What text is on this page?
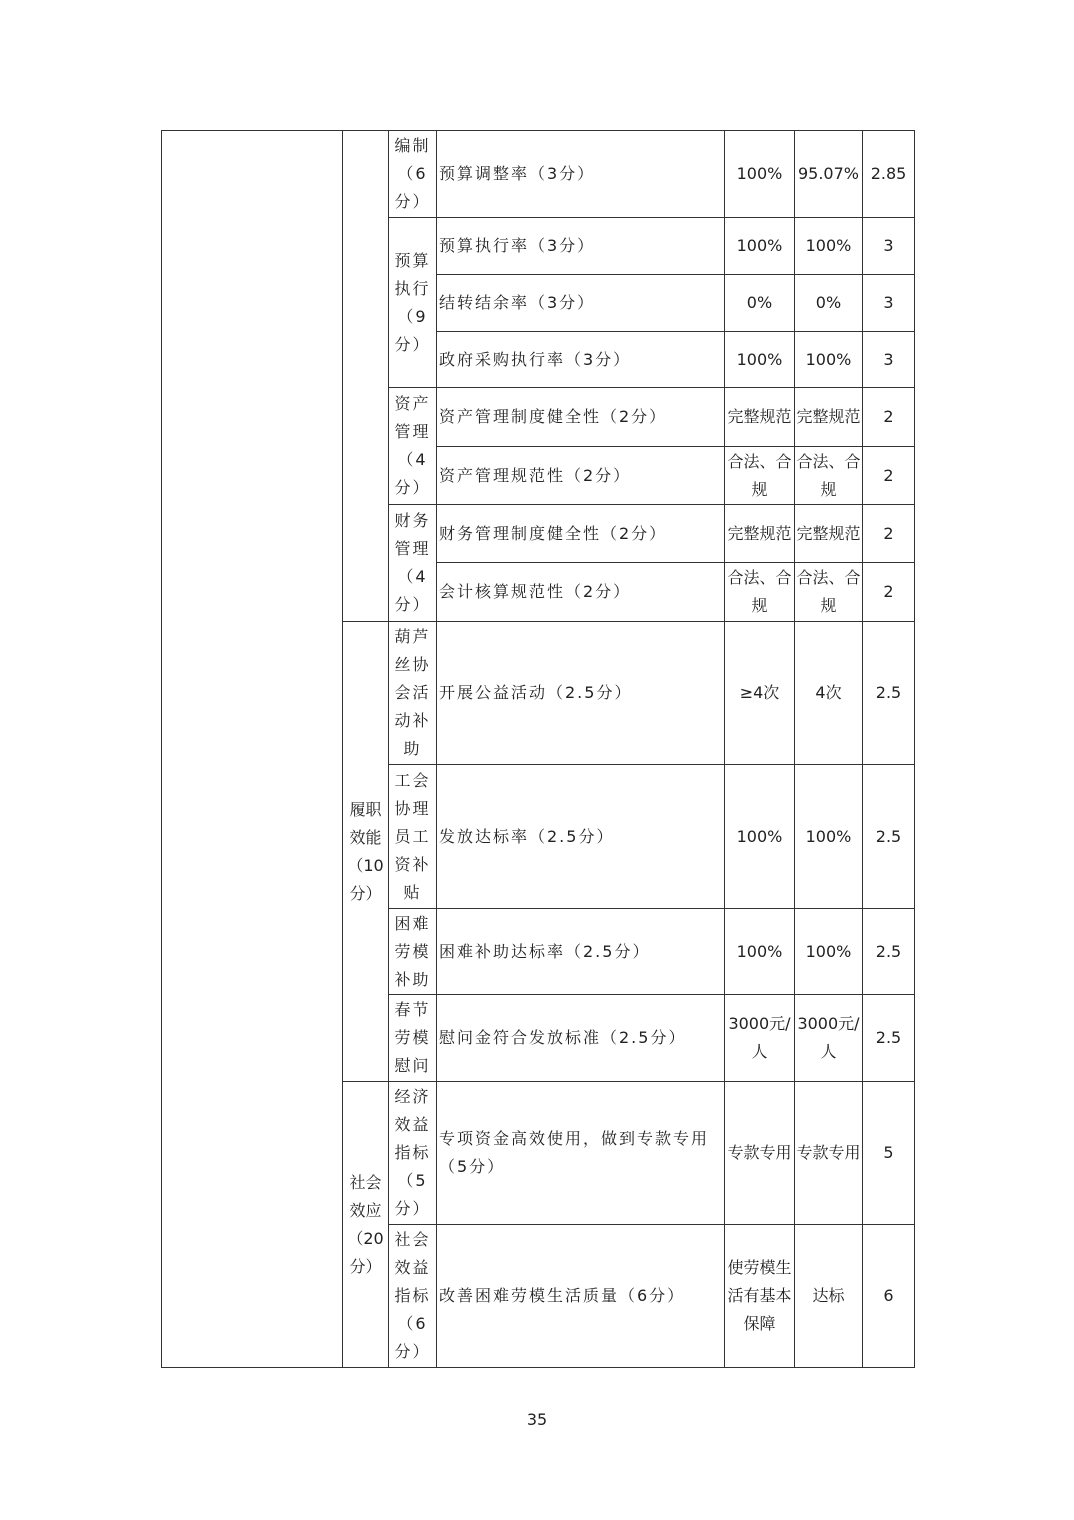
		编制（6分）	预算调整率（3分）	100%	95.07%	2.85
		预算执行（9分）	预算执行率（3分）	100%	100%	3
			结转结余率（3分）	0%	0%	3
			政府采购执行率（3分）	100%	100%	3
		资产管理（4分）	资产管理制度健全性（2分）	完整规范	完整规范	2
			资产管理规范性（2分）	合法、合规	合法、合规	2
		财务管理（4分）	财务管理制度健全性（2分）	完整规范	完整规范	2
			会计核算规范性（2分）	合法、合规	合法、合规	2
	履职效能（10分）	葫芦丝协会活动补助	开展公益活动（2.5分）	≥4次	4次	2.5
		工会协理员工资补贴	发放达标率（2.5分）	100%	100%	2.5
		困难劳模补助	困难补助达标率（2.5分）	100%	100%	2.5
		春节劳模慰问	慰问金符合发放标准（2.5分）	3000元/人	3000元/人	2.5
	社会效应（20分）	经济效益指标（5分）	专项资金高效使用，做到专款专用（5分）	专款专用	专款专用	5
		社会效益指标（6分）	改善困难劳模生活质量（6分）	使劳模生活有基本保障	达标	6
35
